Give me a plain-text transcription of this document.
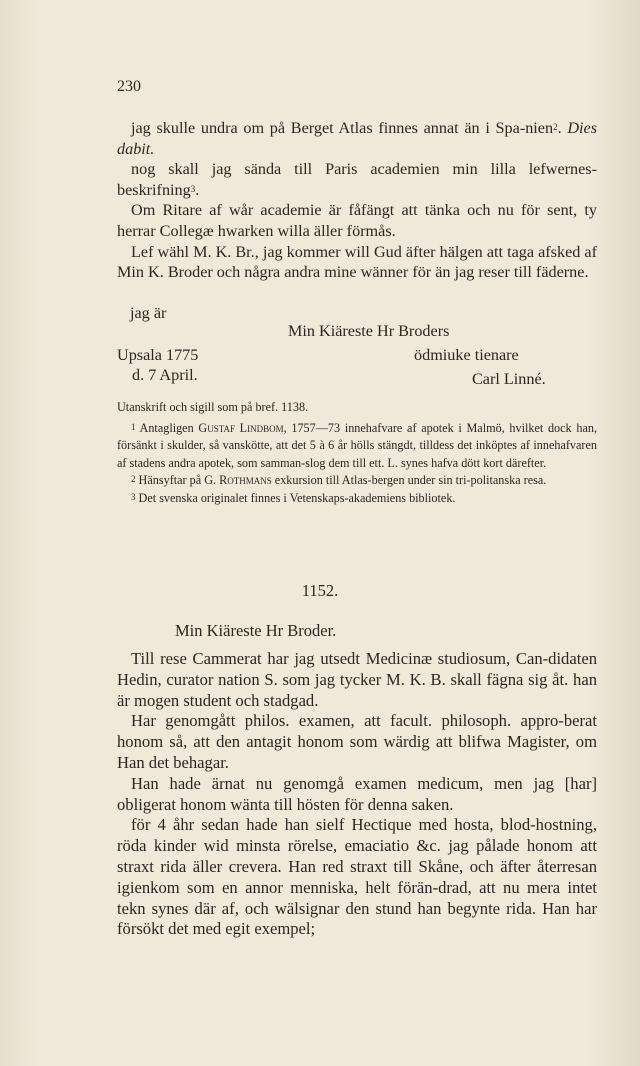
230

jag skulle undra om på Berget Atlas finnes annat än i Spa-nien$^2$. Dies dabit.

nog skall jag sända till Paris academien min lilla lefwernes-beskrifning$^3$.

Om Ritare af wår academie är fåfängt att tänka och nu för sent, ty herrar Collegæ hwarken willa äller förmås.

Lef wähl M. K. Br., jag kommer will Gud äfter hälgen att taga afsked af Min K. Broder och några andra mine wänner för än jag reser till fäderne.

jag är
Min Kiäreste Hr Broders
Upsala 1775	ödmiuke tienare
d. 7 April.	Carl Linné.

Utanskrift och sigill som på bref. 1138.

$^1$ Antagligen Gustaf Lindbom, 1757—73 innehafvare af apotek i Malmö, hvilket dock han, försänkt i skulder, så vanskötte, att det 5 à 6 år hölls stängdt, tilldess det inköptes af innehafvaren af stadens andra apotek, som samman-slog dem till ett. L. synes hafva dött kort därefter.

$^2$ Hänsyftar på G. Rothmans exkursion till Atlas-bergen under sin tri-politanska resa.

$^3$ Det svenska originalet finnes i Vetenskaps-akademiens bibliotek.

1152.
Min Kiäreste Hr Broder.

Till rese Cammerat har jag utsedt Medicinæ studiosum, Can-didaten Hedin, curator nation S. som jag tycker M. K. B. skall fägna sig åt. han är mogen student och stadgad.

Har genomgått philos. examen, att facult. philosoph. appro-berat honom så, att den antagit honom som wärdig att blifwa Magister, om Han det behagar.

Han hade ärnat nu genomgå examen medicum, men jag [har] obligerat honom wänta till hösten för denna saken.

för 4 åhr sedan hade han sielf Hectique med hosta, blod-hostning, röda kinder wid minsta rörelse, emaciatio &c. jag pålade honom att straxt rida äller crevera. Han red straxt till Skåne, och äfter återresan igienkom som en annor menniska, helt förän-drad, att nu mera intet tekn synes där af, och wälsignar den stund han begynte rida. Han har försökt det med egit exempel;
